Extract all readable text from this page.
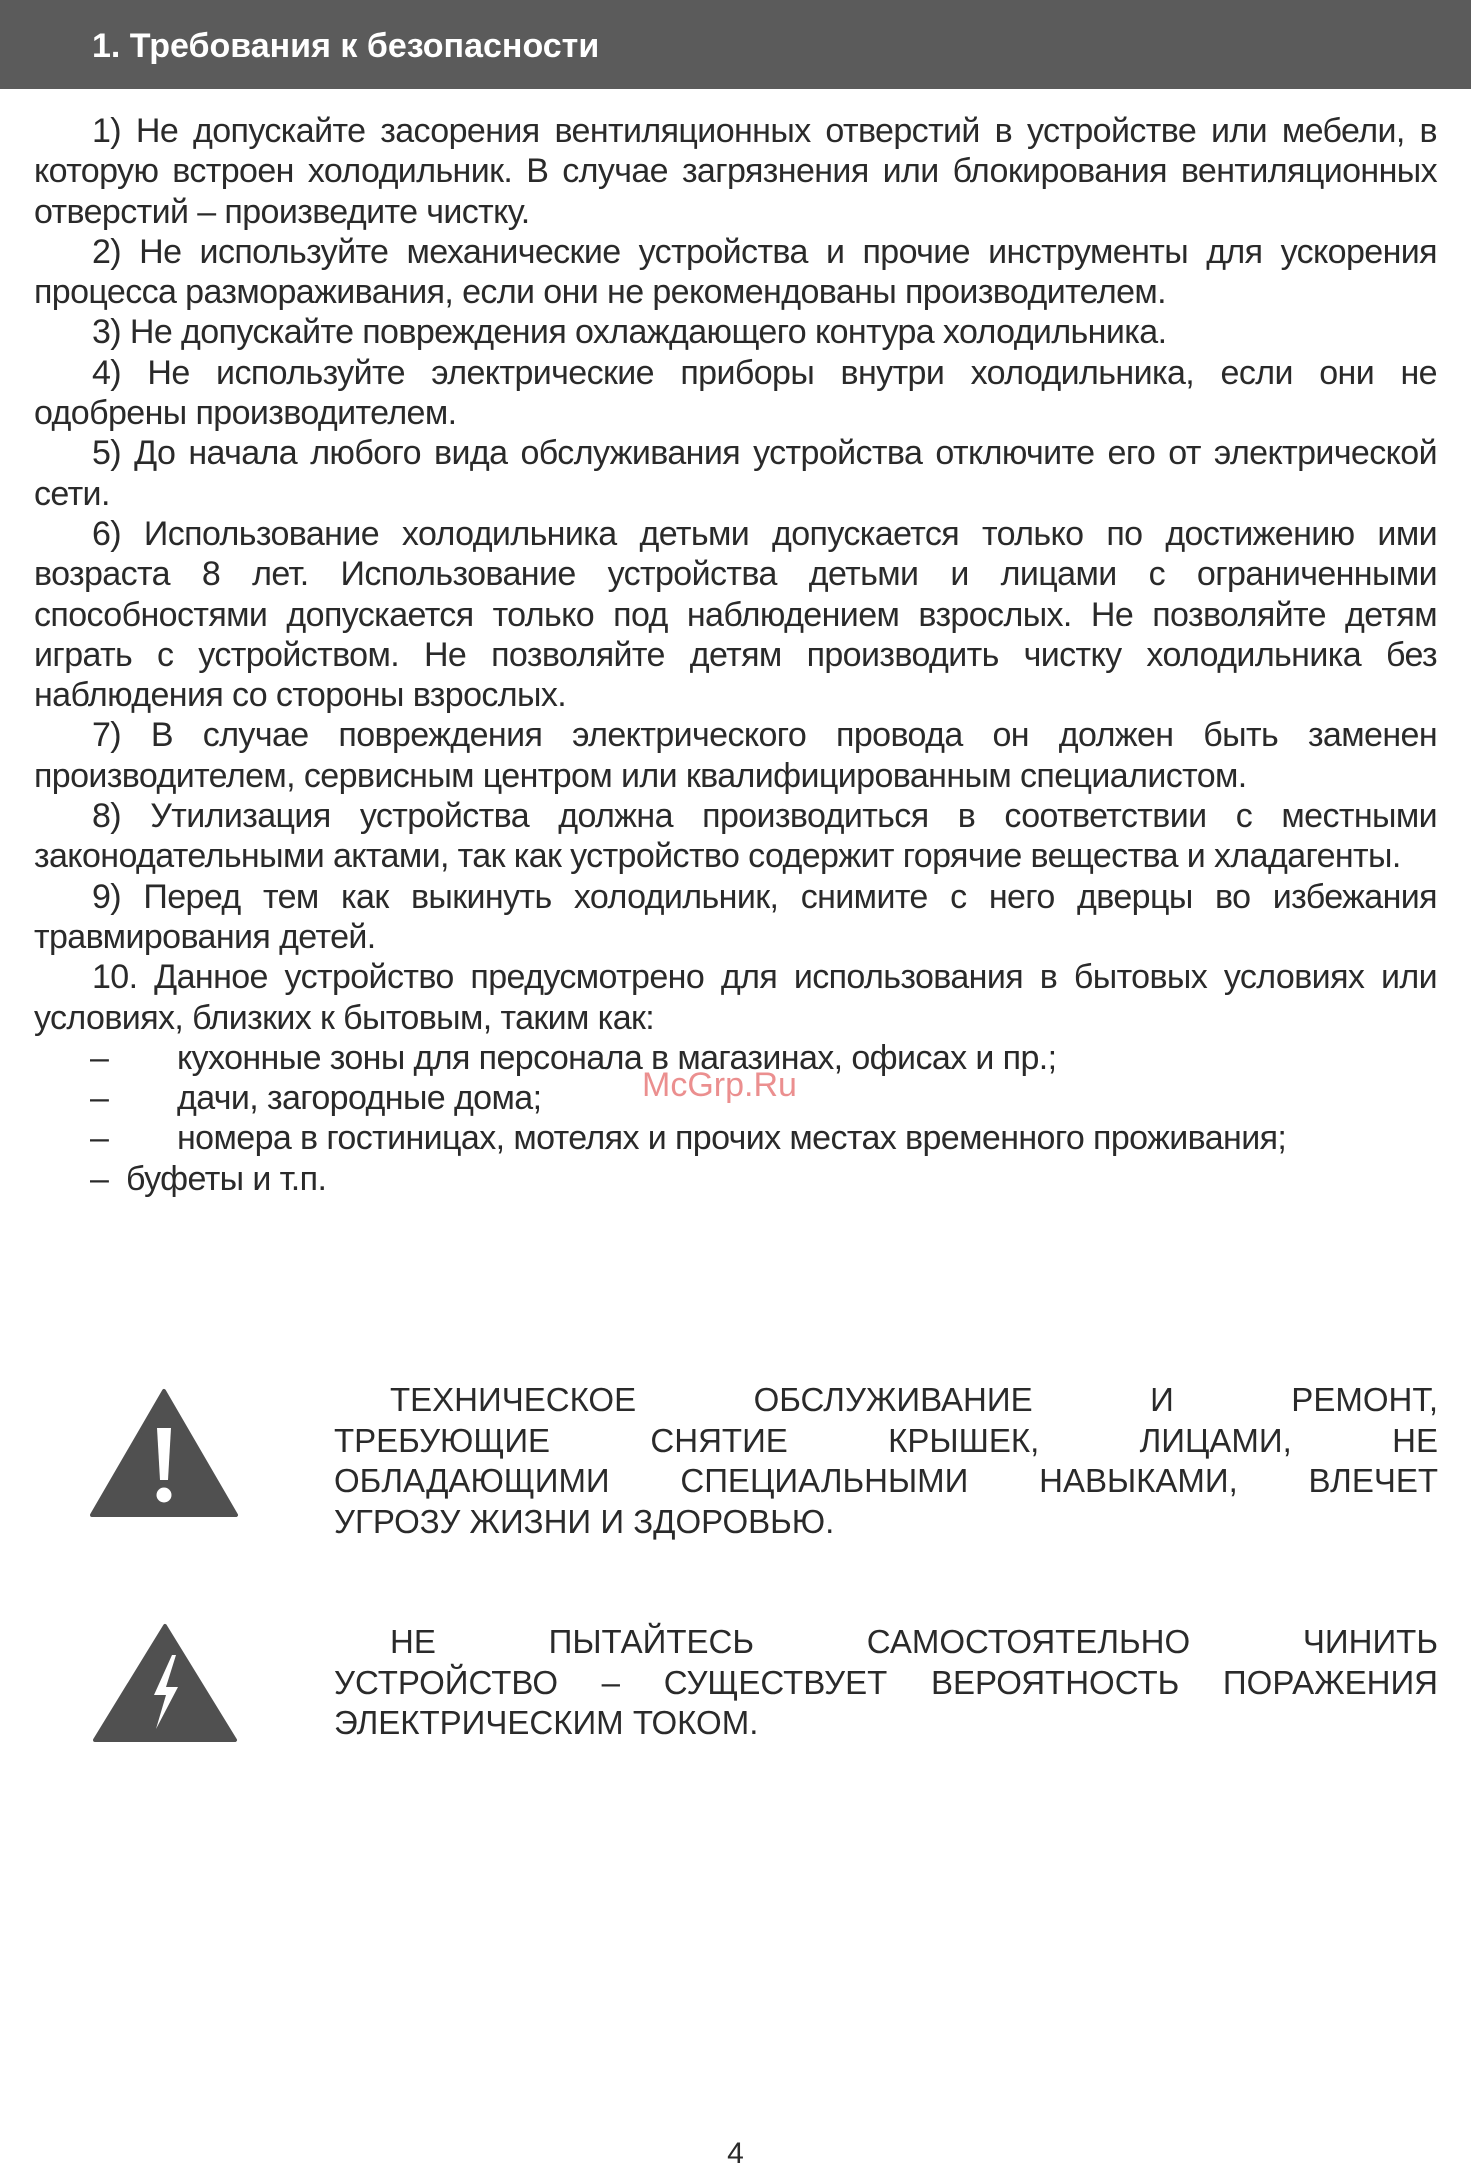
1. Требования к безопасности

1) Не допускайте засорения вентиляционных отверстий в устройстве или мебели, в которую встроен холодильник. В случае загрязнения или блокирования вентиляционных отверстий – произведите чистку.

2) Не используйте механические устройства и прочие инструменты для ускорения процесса размораживания, если они не рекомендованы производителем.

3) Не допускайте повреждения охлаждающего контура холодильника.

4) Не используйте электрические приборы внутри холодильника, если они не одобрены производителем.

5) До начала любого вида обслуживания устройства отключите его от электрической сети.

6) Использование холодильника детьми допускается только по достижению ими возраста 8 лет. Использование устройства детьми и лицами с ограниченными способностями допускается только под наблюдением взрослых. Не позволяйте детям играть с устройством. Не позволяйте детям производить чистку холодильника без наблюдения со стороны взрослых.

7) В случае повреждения электрического провода он должен быть заменен производителем, сервисным центром или квалифицированным специалистом.

8) Утилизация устройства должна производиться в соответствии с местными законодательными актами, так как устройство содержит горячие вещества и хладагенты.

9) Перед тем как выкинуть холодильник, снимите с него дверцы во избежания травмирования детей.

10. Данное устройство предусмотрено для использования в бытовых условиях или условиях, близких к бытовым, таким как:

– кухонные зоны для персонала в магазинах, офисах и пр.;

– дачи, загородные дома;

– номера в гостиницах, мотелях и прочих местах временного проживания;

– буфеты и т.п.

McGrp.Ru
ТЕХНИЧЕСКОЕ ОБСЛУЖИВАНИЕ И РЕМОНТ,
ТРЕБУЮЩИЕ СНЯТИЕ КРЫШЕК, ЛИЦАМИ, НЕ
ОБЛАДАЮЩИМИ СПЕЦИАЛЬНЫМИ НАВЫКАМИ, ВЛЕЧЕТ
УГРОЗУ ЖИЗНИ И ЗДОРОВЬЮ.
НЕ ПЫТАЙТЕСЬ САМОСТОЯТЕЛЬНО ЧИНИТЬ
УСТРОЙСТВО – СУЩЕСТВУЕТ ВЕРОЯТНОСТЬ ПОРАЖЕНИЯ
ЭЛЕКТРИЧЕСКИМ ТОКОМ.
4
